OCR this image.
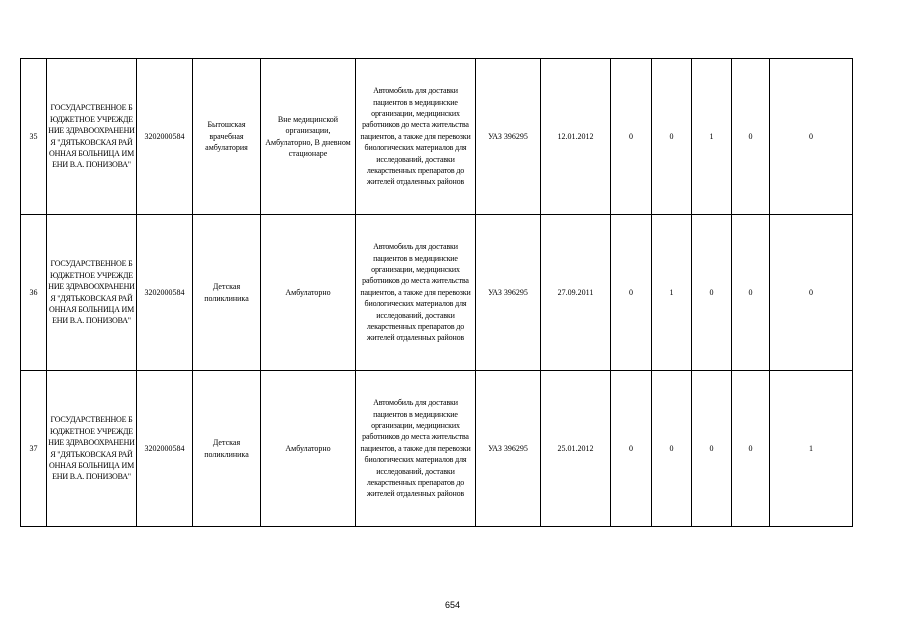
35	ГОСУДАРСТВЕННОЕ БЮДЖЕТНОЕ УЧРЕЖДЕНИЕ ЗДРАВООХРАНЕНИЯ "ДЯТЬКОВСКАЯ РАЙОННАЯ БОЛЬНИЦА ИМЕНИ В.А. ПОНИЗОВА"	3202000584	Бытошская врачебная амбулатория	Вне медицинской организации, Амбулаторно, В дневном стационаре	Автомобиль для доставки пациентов в медицинские организации, медицинских работников до места жительства пациентов, а также для перевозки биологических материалов для исследований, доставки лекарственных препаратов до жителей отдаленных районов	УАЗ 396295	12.01.2012	0	0	1	0	0
36	ГОСУДАРСТВЕННОЕ БЮДЖЕТНОЕ УЧРЕЖДЕНИЕ ЗДРАВООХРАНЕНИЯ "ДЯТЬКОВСКАЯ РАЙОННАЯ БОЛЬНИЦА ИМЕНИ В.А. ПОНИЗОВА"	3202000584	Детская поликлиника	Амбулаторно	Автомобиль для доставки пациентов в медицинские организации, медицинских работников до места жительства пациентов, а также для перевозки биологических материалов для исследований, доставки лекарственных препаратов до жителей отдаленных районов	УАЗ 396295	27.09.2011	0	1	0	0	0
37	ГОСУДАРСТВЕННОЕ БЮДЖЕТНОЕ УЧРЕЖДЕНИЕ ЗДРАВООХРАНЕНИЯ "ДЯТЬКОВСКАЯ РАЙОННАЯ БОЛЬНИЦА ИМЕНИ В.А. ПОНИЗОВА"	3202000584	Детская поликлиника	Амбулаторно	Автомобиль для доставки пациентов в медицинские организации, медицинских работников до места жительства пациентов, а также для перевозки биологических материалов для исследований, доставки лекарственных препаратов до жителей отдаленных районов	УАЗ 396295	25.01.2012	0	0	0	0	1
654
